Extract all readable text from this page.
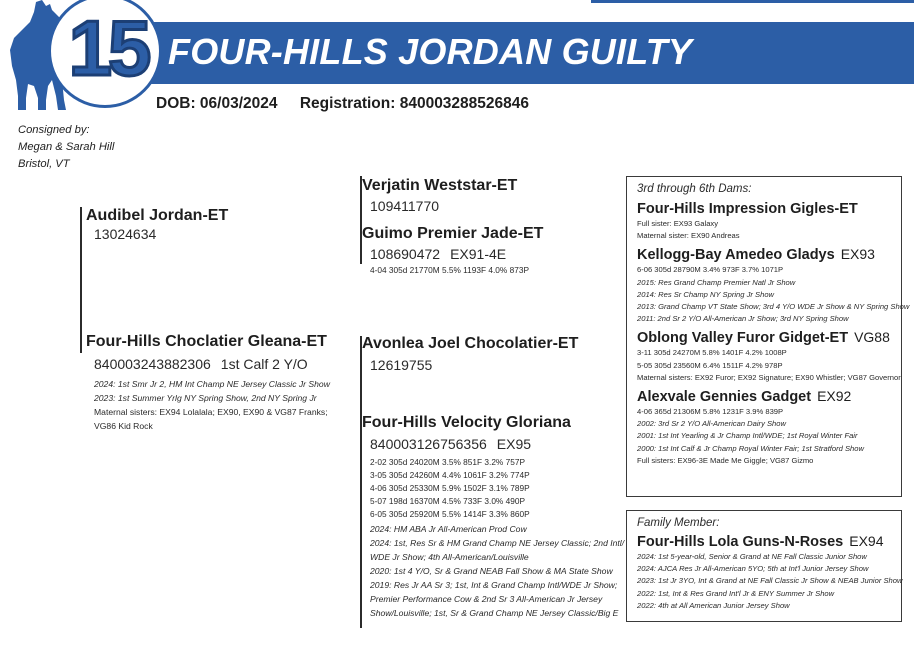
FOUR-HILLS JORDAN GUILTY
15
DOB: 06/03/2024 Registration: 840003288526846
Consigned by:
Megan & Sarah Hill
Bristol, VT
Audibel Jordan-ET
13024634
Verjatin Weststar-ET
109411770
Guimo Premier Jade-ET
108690472 EX91-4E
4-04 305d 21770M 5.5% 1193F 4.0% 873P
Four-Hills Choclatier Gleana-ET
840003243882306 1st Calf 2 Y/O
2024: 1st Smr Jr 2, HM Int Champ NE Jersey Classic Jr Show
2023: 1st Summer Yrlg NY Spring Show, 2nd NY Spring Jr
Maternal sisters: EX94 Lolalala; EX90, EX90 & VG87 Franks;
VG86 Kid Rock
Avonlea Joel Chocolatier-ET
12619755
Four-Hills Velocity Gloriana
840003126756356 EX95
2-02 305d 24020M 3.5% 851F 3.2% 757P
3-05 305d 24260M 4.4% 1061F 3.2% 774P
4-06 305d 25330M 5.9% 1502F 3.1% 789P
5-07 198d 16370M 4.5% 733F 3.0% 490P
6-05 305d 25920M 5.5% 1414F 3.3% 860P
2024: HM ABA Jr All-American Prod Cow
2024: 1st, Res Sr & HM Grand Champ NE Jersey Classic; 2nd Intl/
WDE Jr Show; 4th All-American/Louisville
2020: 1st 4 Y/O, Sr & Grand NEAB Fall Show & MA State Show
2019: Res Jr AA Sr 3; 1st, Int & Grand Champ Intl/WDE Jr Show;
Premier Performance Cow & 2nd Sr 3 All-American Jr Jersey
Show/Louisville; 1st, Sr & Grand Champ NE Jersey Classic/Big E
3rd through 6th Dams:
Four-Hills Impression Gigles-ET
Full sister: EX93 Galaxy
Maternal sister: EX90 Andreas
Kellogg-Bay Amedeo Gladys EX93
6-06 305d 28790M 3.4% 973F 3.7% 1071P
2015: Res Grand Champ Premier Natl Jr Show
2014: Res Sr Champ NY Spring Jr Show
2013: Grand Champ VT State Show; 3rd 4 Y/O WDE Jr Show & NY Spring Show
2011: 2nd Sr 2 Y/O All-American Jr Show; 3rd NY Spring Show
Oblong Valley Furor Gidget-ET VG88
3-11 305d 24270M 5.8% 1401F 4.2% 1008P
5-05 305d 23560M 6.4% 1511F 4.2% 978P
Maternal sisters: EX92 Furor; EX92 Signature; EX90 Whistler; VG87 Governor
Alexvale Gennies Gadget EX92
4-06 365d 21306M 5.8% 1231F 3.9% 839P
2002: 3rd Sr 2 Y/O All-American Dairy Show
2001: 1st Int Yearling & Jr Champ Intl/WDE; 1st Royal Winter Fair
2000: 1st Int Calf & Jr Champ Royal Winter Fair; 1st Stratford Show
Full sisters: EX96-3E Made Me Giggle; VG87 Gizmo
Family Member:
Four-Hills Lola Guns-N-Roses EX94
2024: 1st 5-year-old, Senior & Grand at NE Fall Classic Junior Show
2024: AJCA Res Jr All-American 5YO; 5th at Int'l Junior Jersey Show
2023: 1st Jr 3YO, Int & Grand at NE Fall Classic Jr Show & NEAB Junior Show
2022: 1st, Int & Res Grand Int'l Jr & ENY Summer Jr Show
2022: 4th at All American Junior Jersey Show
